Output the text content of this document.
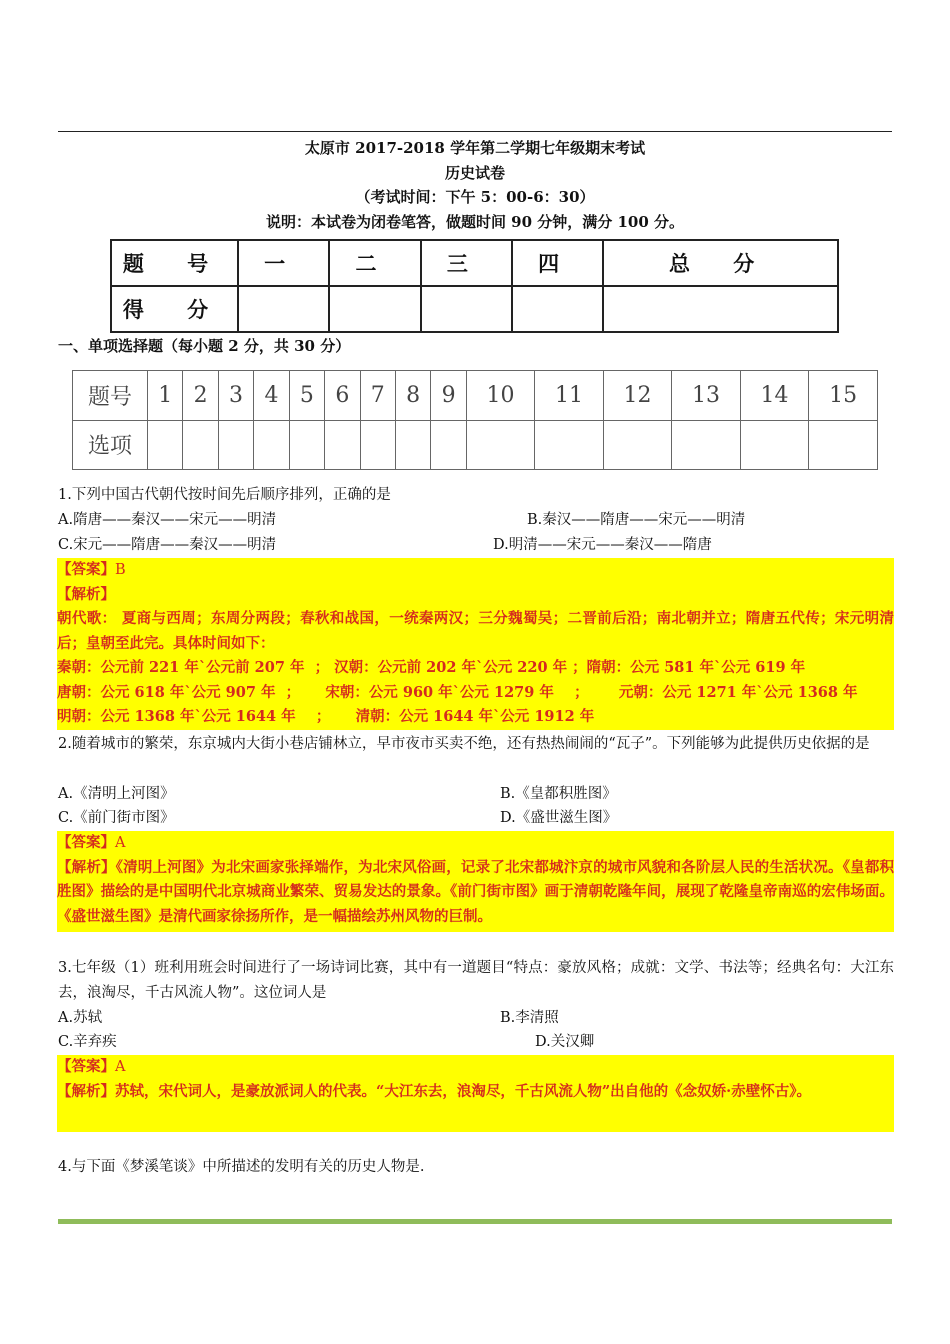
太原市 2017-2018 学年第二学期七年级期末考试
历史试卷
（考试时间：下午 5：00-6：30）
说明：本试卷为闭卷笔答，做题时间 90 分钟，满分 100 分。
题 号	一	二	三	四	总 分
得 分					
一、单项选择题（每小题 2 分，共 30 分）
题号	1	2	3	4	5	6	7	8	9	10	11	12	13	14	15
选项															
1.下列中国古代朝代按时间先后顺序排列，正确的是
A.隋唐——秦汉——宋元——明清	B.秦汉——隋唐——宋元——明清
C.宋元——隋唐——秦汉——明清	D.明清——宋元——秦汉——隋唐
【答案】B
【解析】
朝代歌： 夏商与西周；东周分两段；春秋和战国，一统秦两汉；三分魏蜀吴；二晋前后沿；南北朝并立；隋唐五代传；宋元明清后；皇朝至此完。具体时间如下：
秦朝：公元前 221 年`公元前 207 年  ； 汉朝：公元前 202 年`公元 220 年 ；隋朝：公元 581 年`公元 619 年
唐朝：公元 618 年`公元 907 年  ；     宋朝：公元 960 年`公元 1279 年    ；      元朝：公元 1271 年`公元 1368 年
明朝：公元 1368 年`公元 1644 年    ；     清朝：公元 1644 年`公元 1912 年
2.随着城市的繁荣，东京城内大街小巷店铺林立，早市夜市买卖不绝，还有热热闹闹的“瓦子”。下列能够为此提供历史依据的是
A.《清明上河图》	B.《皇都积胜图》
C.《前门街市图》	D.《盛世滋生图》
【答案】A
【解析】《清明上河图》为北宋画家张择端作，为北宋风俗画，记录了北宋都城汴京的城市风貌和各阶层人民的生活状况。《皇都积胜图》描绘的是中国明代北京城商业繁荣、贸易发达的景象。《前门街市图》画于清朝乾隆年间，展现了乾隆皇帝南巡的宏伟场面。《盛世滋生图》是清代画家徐扬所作，是一幅描绘苏州风物的巨制。
3.七年级（1）班利用班会时间进行了一场诗词比赛，其中有一道题目“特点：豪放风格；成就：文学、书法等；经典名句：大江东去，浪淘尽，千古风流人物”。这位词人是
A.苏轼	B.李清照
C.辛弃疾	D.关汉卿
【答案】A
【解析】苏轼，宋代词人，是豪放派词人的代表。“大江东去，浪淘尽，千古风流人物”出自他的《念奴娇·赤壁怀古》。
4.与下面《梦溪笔谈》中所描述的发明有关的历史人物是.
